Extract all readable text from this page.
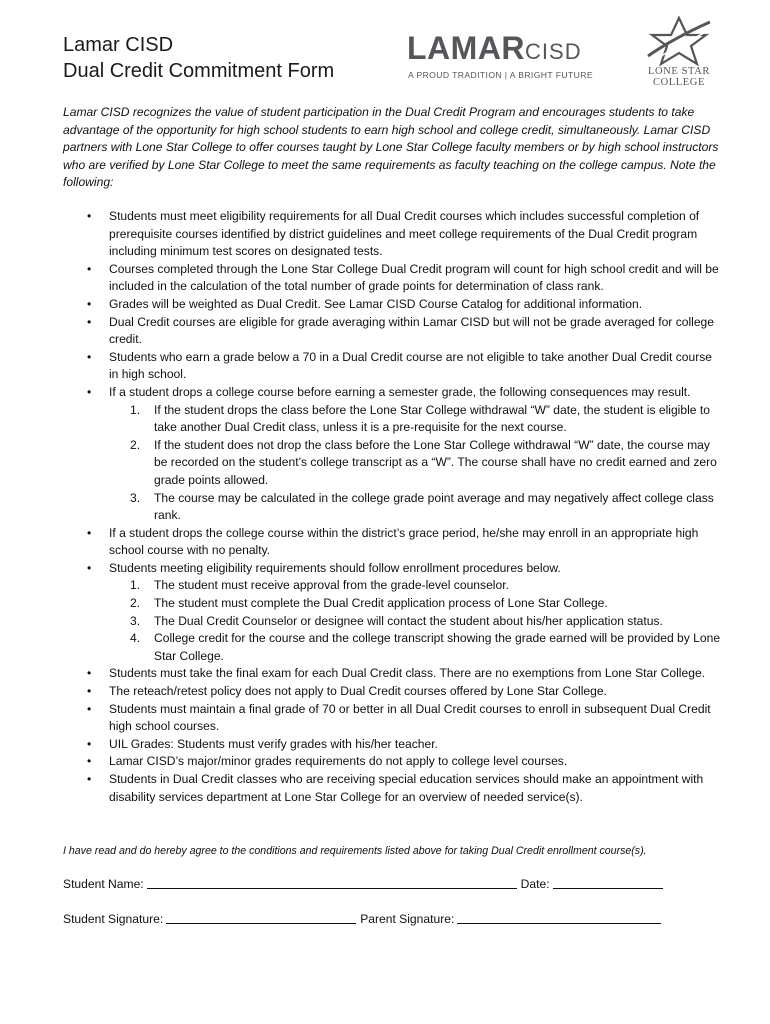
Lamar CISD
Dual Credit Commitment Form
LAMARCISD
A PROUD TRADITION | A BRIGHT FUTURE	LONE STAR
COLLEGE
Lamar CISD recognizes the value of student participation in the Dual Credit Program and encourages students to take advantage of the opportunity for high school students to earn high school and college credit, simultaneously. Lamar CISD partners with Lone Star College to offer courses taught by Lone Star College faculty members or by high school instructors who are verified by Lone Star College to meet the same requirements as faculty teaching on the college campus. Note the following:
• Students must meet eligibility requirements for all Dual Credit courses which includes successful completion of prerequisite courses identified by district guidelines and meet college requirements of the Dual Credit program including minimum test scores on designated tests.
• Courses completed through the Lone Star College Dual Credit program will count for high school credit and will be included in the calculation of the total number of grade points for determination of class rank.
• Grades will be weighted as Dual Credit. See Lamar CISD Course Catalog for additional information.
• Dual Credit courses are eligible for grade averaging within Lamar CISD but will not be grade averaged for college credit.
• Students who earn a grade below a 70 in a Dual Credit course are not eligible to take another Dual Credit course in high school.
• If a student drops a college course before earning a semester grade, the following consequences may result.
1. If the student drops the class before the Lone Star College withdrawal “W” date, the student is eligible to take another Dual Credit class, unless it is a pre-requisite for the next course.
2. If the student does not drop the class before the Lone Star College withdrawal “W” date, the course may be recorded on the student’s college transcript as a “W”. The course shall have no credit earned and zero grade points allowed.
3. The course may be calculated in the college grade point average and may negatively affect college class rank.
• If a student drops the college course within the district’s grace period, he/she may enroll in an appropriate high school course with no penalty.
• Students meeting eligibility requirements should follow enrollment procedures below.
1. The student must receive approval from the grade-level counselor.
2. The student must complete the Dual Credit application process of Lone Star College.
3. The Dual Credit Counselor or designee will contact the student about his/her application status.
4. College credit for the course and the college transcript showing the grade earned will be provided by Lone Star College.
• Students must take the final exam for each Dual Credit class. There are no exemptions from Lone Star College.
• The reteach/retest policy does not apply to Dual Credit courses offered by Lone Star College.
• Students must maintain a final grade of 70 or better in all Dual Credit courses to enroll in subsequent Dual Credit high school courses.
• UIL Grades: Students must verify grades with his/her teacher.
• Lamar CISD’s major/minor grades requirements do not apply to college level courses.
• Students in Dual Credit classes who are receiving special education services should make an appointment with disability services department at Lone Star College for an overview of needed service(s).
I have read and do hereby agree to the conditions and requirements listed above for taking Dual Credit enrollment course(s).
Student Name:	Date:
Student Signature:	Parent Signature:
